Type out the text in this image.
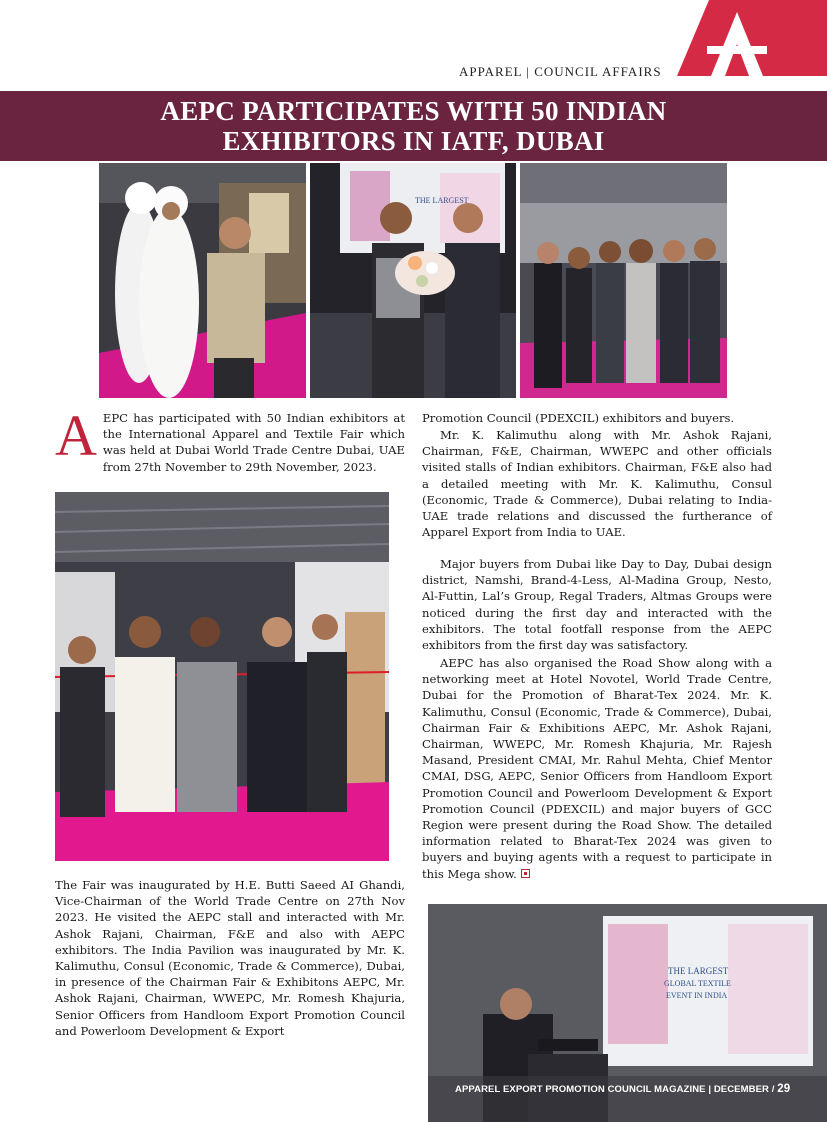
APPAREL | COUNCIL AFFAIRS
AEPC PARTICIPATES WITH 50 INDIAN
EXHIBITORS IN IATF, DUBAI
THE LARGEST
AEPC has participated with 50 Indian exhibitors at the International Apparel and Textile Fair which was held at Dubai World Trade Centre Dubai, UAE from 27th November to 29th November, 2023.
The Fair was inaugurated by H.E. Butti Saeed AI Ghandi, Vice-Chairman of the World Trade Centre on 27th Nov 2023. He visited the AEPC stall and interacted with Mr. Ashok Rajani, Chairman, F&E and also with AEPC exhibitors. The India Pavilion was inaugurated by Mr. K. Kalimuthu, Consul (Economic, Trade & Commerce), Dubai, in presence of the Chairman Fair & Exhibitons AEPC, Mr. Ashok Rajani, Chairman, WWEPC, Mr. Romesh Khajuria, Senior Officers from Handloom Export Promotion Council and Powerloom Development & Export
Promotion Council (PDEXCIL) exhibitors and buyers.
Mr. K. Kalimuthu along with Mr. Ashok Rajani, Chairman, F&E, Chairman, WWEPC and other officials visited stalls of Indian exhibitors. Chairman, F&E also had a detailed meeting with Mr. K. Kalimuthu, Consul (Economic, Trade & Commerce), Dubai relating to India-UAE trade relations and discussed the furtherance of Apparel Export from India to UAE.
Major buyers from Dubai like Day to Day, Dubai design district, Namshi, Brand-4-Less, Al-Madina Group, Nesto, Al-Futtin, Lal’s Group, Regal Traders, Altmas Groups were noticed during the first day and interacted with the exhibitors. The total footfall response from the AEPC exhibitors from the first day was satisfactory.
AEPC has also organised the Road Show along with a networking meet at Hotel Novotel, World Trade Centre, Dubai for the Promotion of Bharat-Tex 2024. Mr. K. Kalimuthu, Consul (Economic, Trade & Commerce), Dubai, Chairman Fair & Exhibitions AEPC, Mr. Ashok Rajani, Chairman, WWEPC, Mr. Romesh Khajuria, Mr. Rajesh Masand, President CMAI, Mr. Rahul Mehta, Chief Mentor CMAI, DSG, AEPC, Senior Officers from Handloom Export Promotion Council and Powerloom Development & Export Promotion Council (PDEXCIL) and major buyers of GCC Region were present during the Road Show. The detailed information related to Bharat-Tex 2024 was given to buyers and buying agents with a request to participate in this Mega show.
THE LARGEST
GLOBAL TEXTILE
EVENT IN INDIA
APPAREL EXPORT PROMOTION COUNCIL MAGAZINE | DECEMBER / 29
